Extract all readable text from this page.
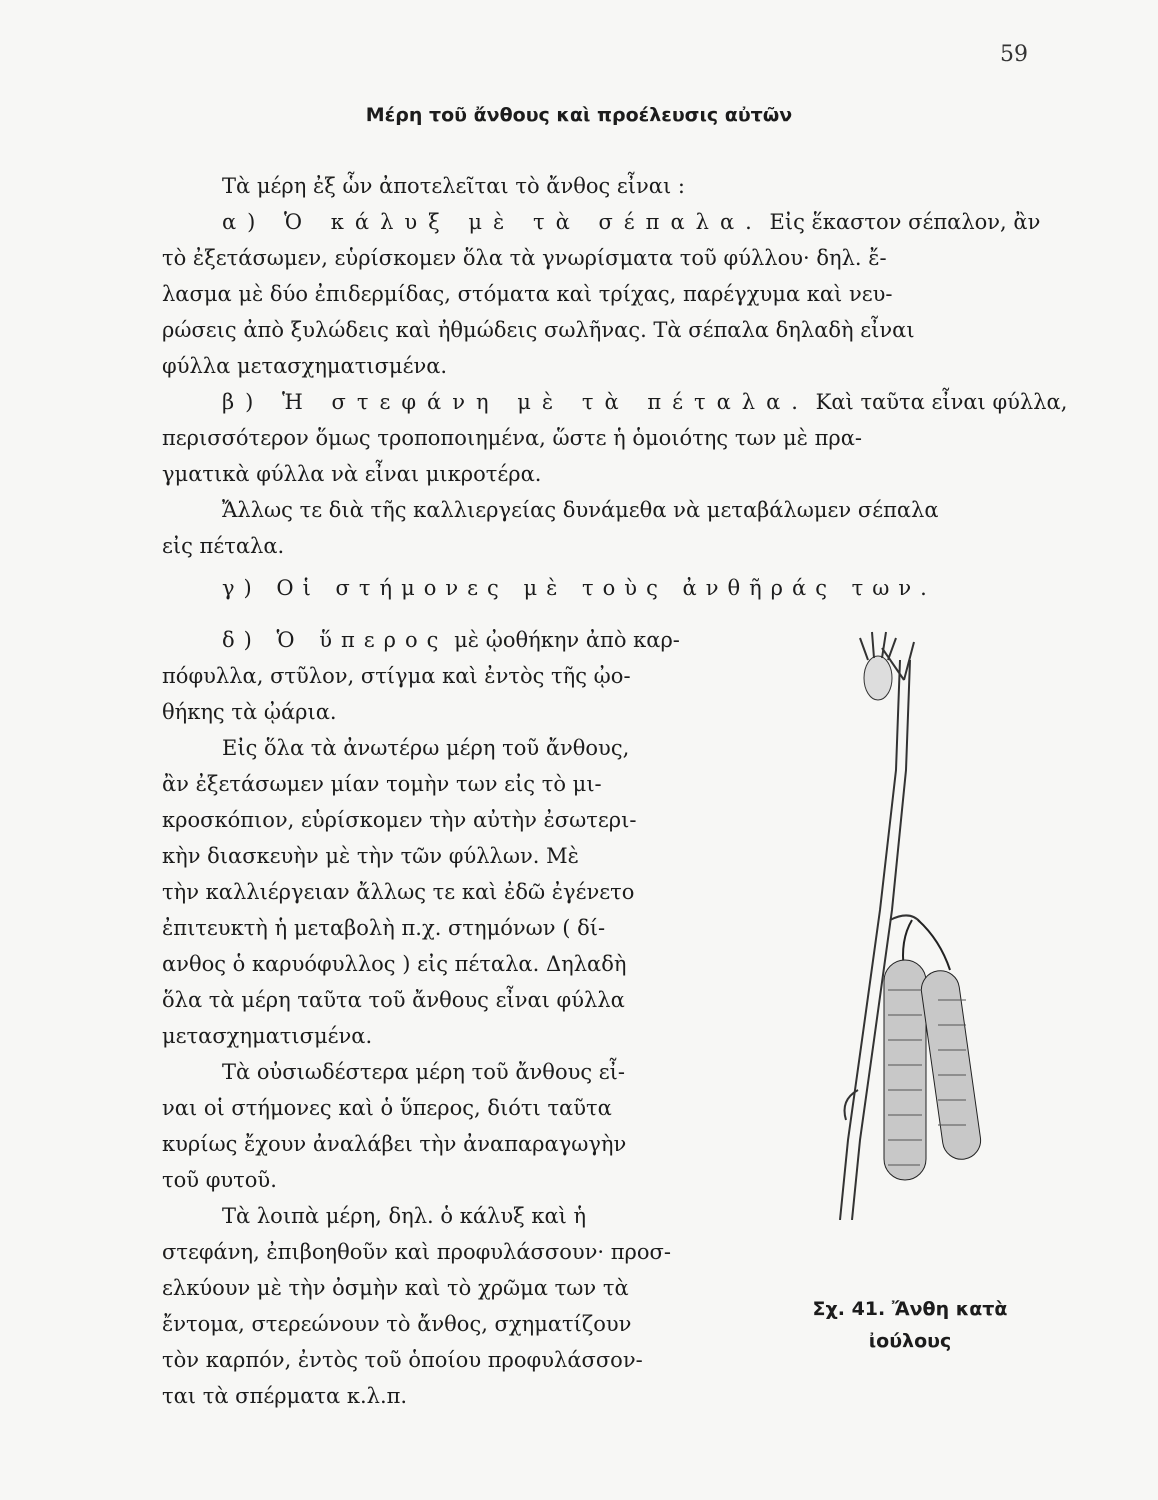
59
Μέρη τοῦ ἄνθους καὶ προέλευσις αὐτῶν
Τὰ μέρη ἐξ ὧν ἀποτελεῖται τὸ ἄνθος εἶναι :
α) Ὁ κάλυξ μὲ τὰ σέπαλα. Εἰς ἕκαστον σέπαλον, ἂν
τὸ ἐξετάσωμεν, εὑρίσκομεν ὅλα τὰ γνωρίσματα τοῦ φύλλου· δηλ. ἔ-
λασμα μὲ δύο ἐπιδερμίδας, στόματα καὶ τρίχας, παρέγχυμα καὶ νευ-
ρώσεις ἀπὸ ξυλώδεις καὶ ἠθμώδεις σωλῆνας. Τὰ σέπαλα δηλαδὴ εἶναι
φύλλα μετασχηματισμένα.
β) Ἡ στεφάνη μὲ τὰ πέταλα. Καὶ ταῦτα εἶναι φύλλα,
περισσότερον ὅμως τροποποιημένα, ὥστε ἡ ὁμοιότης των μὲ πρα-
γματικὰ φύλλα νὰ εἶναι μικροτέρα.
Ἄλλως τε διὰ τῆς καλλιεργείας δυνάμεθα νὰ μεταβάλωμεν σέπαλα
εἰς πέταλα.
γ) Οἱ στήμονες μὲ τοὺς ἀνθῆράς των.
δ) Ὁ ὕπερος μὲ ᾠοθήκην ἀπὸ καρ-
πόφυλλα, στῦλον, στίγμα καὶ ἐντὸς τῆς ᾠο-
θήκης τὰ ᾠάρια.
Εἰς ὅλα τὰ ἀνωτέρω μέρη τοῦ ἄνθους,
ἂν ἐξετάσωμεν μίαν τομὴν των εἰς τὸ μι-
κροσκόπιον, εὑρίσκομεν τὴν αὐτὴν ἐσωτερι-
κὴν διασκευὴν μὲ τὴν τῶν φύλλων. Μὲ
τὴν καλλιέργειαν ἄλλως τε καὶ ἐδῶ ἐγένετο
ἐπιτευκτὴ ἡ μεταβολὴ π.χ. στημόνων ( δί-
ανθος ὁ καρυόφυλλος ) εἰς πέταλα. Δηλαδὴ
ὅλα τὰ μέρη ταῦτα τοῦ ἄνθους εἶναι φύλλα
μετασχηματισμένα.
Τὰ οὐσιωδέστερα μέρη τοῦ ἄνθους εἶ-
ναι οἱ στήμονες καὶ ὁ ὕπερος, διότι ταῦτα
κυρίως ἔχουν ἀναλάβει τὴν ἀναπαραγωγὴν
τοῦ φυτοῦ.
Τὰ λοιπὰ μέρη, δηλ. ὁ κάλυξ καὶ ἡ
στεφάνη, ἐπιβοηθοῦν καὶ προφυλάσσουν· προσ-
ελκύουν μὲ τὴν ὀσμὴν καὶ τὸ χρῶμα των τὰ
ἔντομα, στερεώνουν τὸ ἄνθος, σχηματίζουν
τὸν καρπόν, ἐντὸς τοῦ ὁποίου προφυλάσσον-
ται τὰ σπέρματα κ.λ.π.
Σχ. 41. Ἄνθη κατὰ
ἰούλους
